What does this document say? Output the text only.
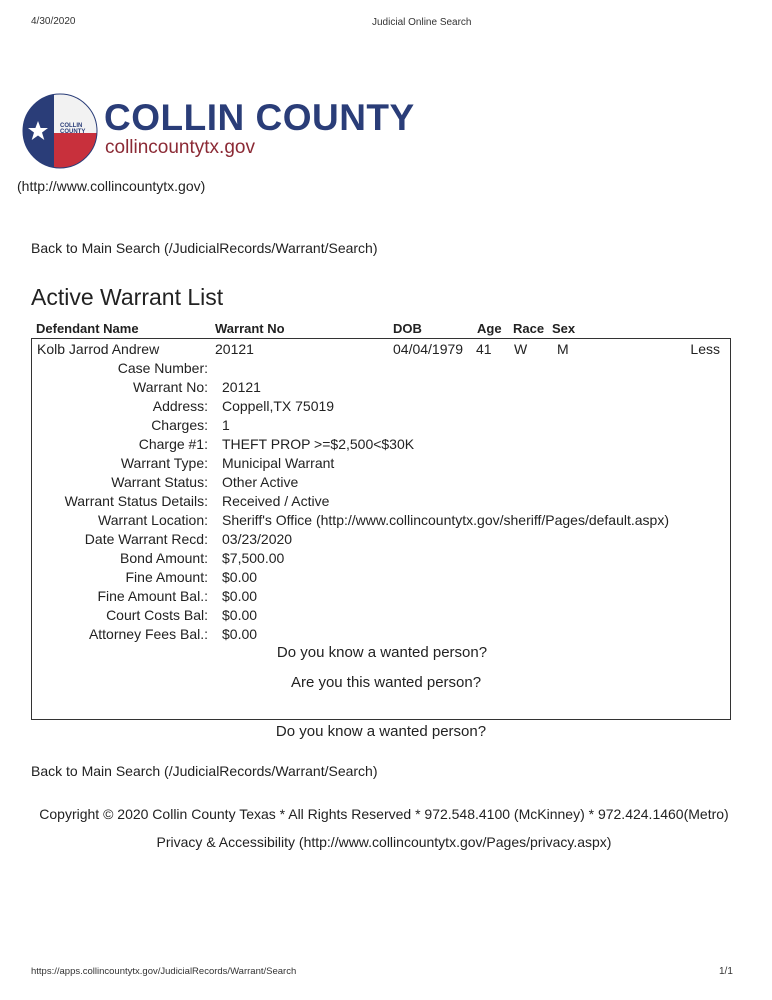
4/30/2020	Judicial Online Search
COLLIN
COUNTY COLLIN COUNTY
collincountytx.gov
(http://www.collincountytx.gov)
Back to Main Search (/JudicialRecords/Warrant/Search)
Active Warrant List
Defendant Name	Warrant No	DOB	Age Race Sex
Kolb Jarrod Andrew	20121	04/04/1979 41 W M	Less
Case Number:
Warrant No: 20121
Address: Coppell,TX 75019
Charges: 1
Charge #1: THEFT PROP >=$2,500<$30K
Warrant Type: Municipal Warrant
Warrant Status: Other Active
Warrant Status Details: Received / Active
Warrant Location: Sheriff's Office (http://www.collincountytx.gov/sheriff/Pages/default.aspx)
Date Warrant Recd: 03/23/2020
Bond Amount: $7,500.00
Fine Amount: $0.00
Fine Amount Bal.: $0.00
Court Costs Bal: $0.00
Attorney Fees Bal.: $0.00
Do you know a wanted person?
Are you this wanted person?
Do you know a wanted person?
Back to Main Search (/JudicialRecords/Warrant/Search)
Copyright © 2020 Collin County Texas * All Rights Reserved * 972.548.4100 (McKinney) * 972.424.1460(Metro)
Privacy & Accessibility (http://www.collincountytx.gov/Pages/privacy.aspx)
https://apps.collincountytx.gov/JudicialRecords/Warrant/Search	1/1
